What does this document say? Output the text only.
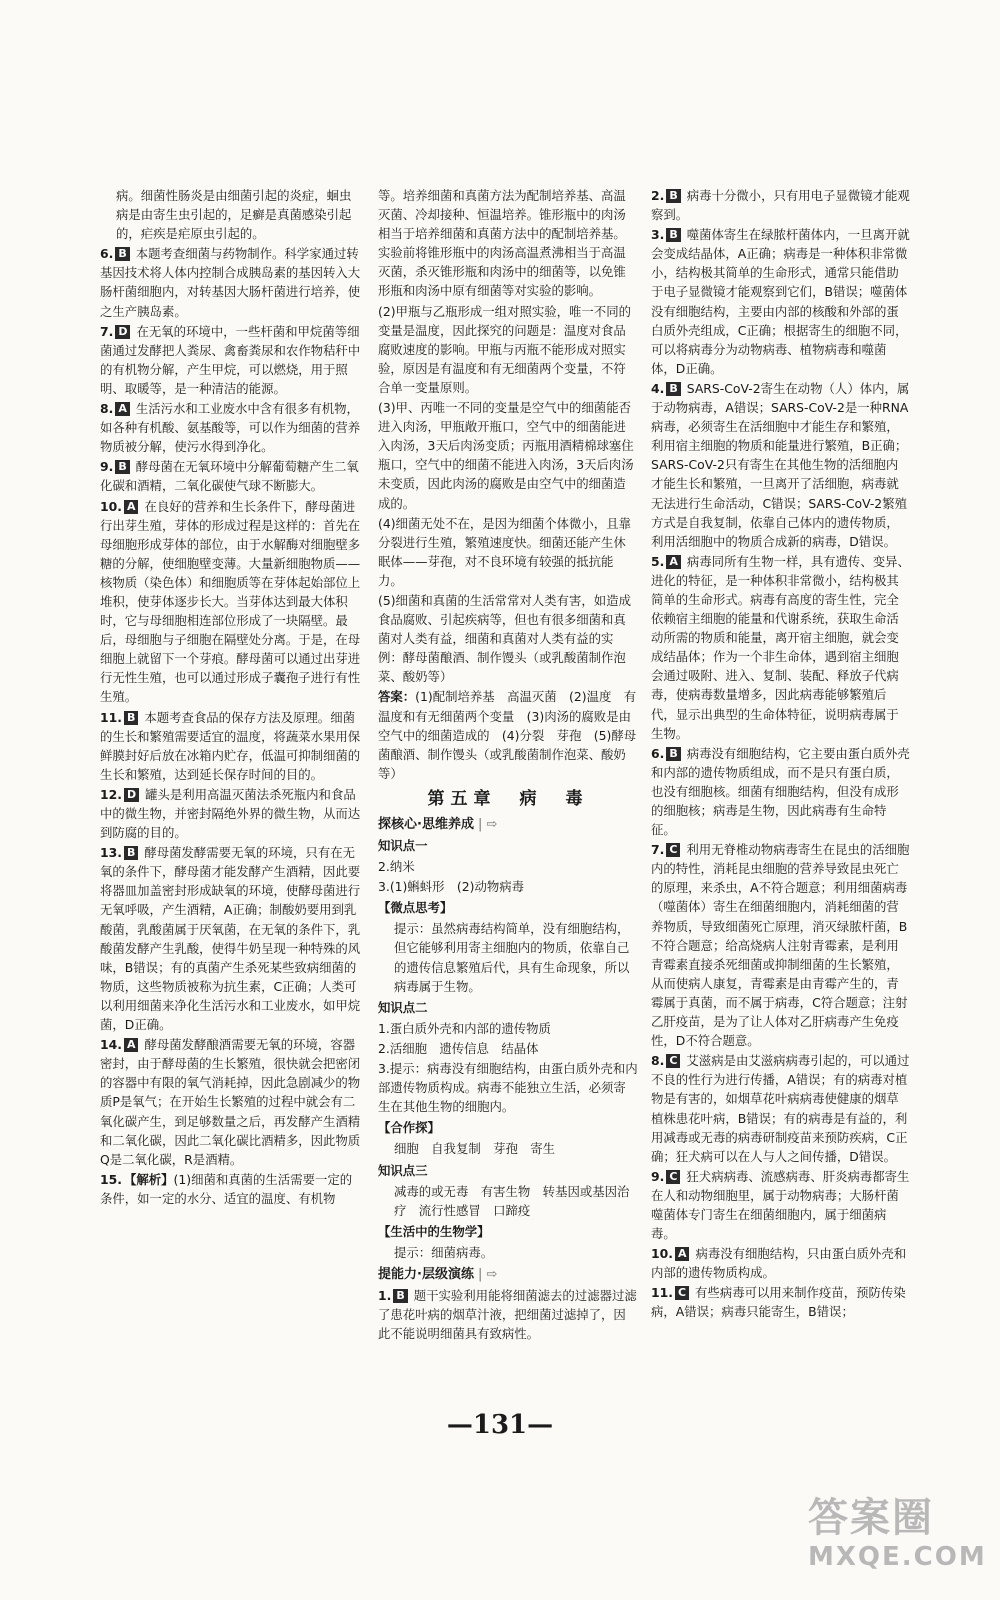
病。细菌性肠炎是由细菌引起的炎症，蛔虫病是由寄生虫引起的，足癣是真菌感染引起的，疟疾是疟原虫引起的。
6. B 本题考查细菌与药物制作。科学家通过转基因技术将人体内控制合成胰岛素的基因转入大肠杆菌细胞内，对转基因大肠杆菌进行培养，使之生产胰岛素。
7. D 在无氧的环境中，一些杆菌和甲烷菌等细菌通过发酵把人粪尿、禽畜粪尿和农作物秸秆中的有机物分解，产生甲烷，可以燃烧，用于照明、取暖等，是一种清洁的能源。
8. A 生活污水和工业废水中含有很多有机物，如各种有机酸、氨基酸等，可以作为细菌的营养物质被分解，使污水得到净化。
9. B 酵母菌在无氧环境中分解葡萄糖产生二氧化碳和酒精，二氧化碳使气球不断膨大。
10. A 在良好的营养和生长条件下，酵母菌进行出芽生殖，芽体的形成过程是这样的：首先在母细胞形成芽体的部位，由于水解酶对细胞壁多糖的分解，使细胞壁变薄。大量新细胞物质——核物质（染色体）和细胞质等在芽体起始部位上堆积，使芽体逐步长大。当芽体达到最大体积时，它与母细胞相连部位形成了一块隔壁。最后，母细胞与子细胞在隔壁处分离。于是，在母细胞上就留下一个芽痕。酵母菌可以通过出芽进行无性生殖，也可以通过形成子囊孢子进行有性生殖。
11. B 本题考查食品的保存方法及原理。细菌的生长和繁殖需要适宜的温度，将蔬菜水果用保鲜膜封好后放在冰箱内贮存，低温可抑制细菌的生长和繁殖，达到延长保存时间的目的。
12. D 罐头是利用高温灭菌法杀死瓶内和食品中的微生物，并密封隔绝外界的微生物，从而达到防腐的目的。
13. B 酵母菌发酵需要无氧的环境，只有在无氧的条件下，酵母菌才能发酵产生酒精，因此要将器皿加盖密封形成缺氧的环境，使酵母菌进行无氧呼吸，产生酒精，A正确；制酸奶要用到乳酸菌，乳酸菌属于厌氧菌，在无氧的条件下，乳酸菌发酵产生乳酸，使得牛奶呈现一种特殊的风味，B错误；有的真菌产生杀死某些致病细菌的物质，这些物质被称为抗生素，C正确；人类可以利用细菌来净化生活污水和工业废水，如甲烷菌，D正确。
14. A 酵母菌发酵酿酒需要无氧的环境，容器密封，由于酵母菌的生长繁殖，很快就会把密闭的容器中有限的氧气消耗掉，因此急剧减少的物质P是氧气；在开始生长繁殖的过程中就会有二氧化碳产生，到足够数量之后，再发酵产生酒精和二氧化碳，因此二氧化碳比酒精多，因此物质Q是二氧化碳，R是酒精。
15. 【解析】(1)细菌和真菌的生活需要一定的条件，如一定的水分、适宜的温度、有机物
等。培养细菌和真菌方法为配制培养基、高温灭菌、冷却接种、恒温培养。锥形瓶中的肉汤相当于培养细菌和真菌方法中的配制培养基。实验前将锥形瓶中的肉汤高温煮沸相当于高温灭菌，杀灭锥形瓶和肉汤中的细菌等，以免锥形瓶和肉汤中原有细菌等对实验的影响。
(2)甲瓶与乙瓶形成一组对照实验，唯一不同的变量是温度，因此探究的问题是：温度对食品腐败速度的影响。甲瓶与丙瓶不能形成对照实验，原因是有温度和有无细菌两个变量，不符合单一变量原则。
(3)甲、丙唯一不同的变量是空气中的细菌能否进入肉汤，甲瓶敞开瓶口，空气中的细菌能进入肉汤，3天后肉汤变质；丙瓶用酒精棉球塞住瓶口，空气中的细菌不能进入肉汤，3天后肉汤未变质，因此肉汤的腐败是由空气中的细菌造成的。
(4)细菌无处不在，是因为细菌个体微小，且靠分裂进行生殖，繁殖速度快。细菌还能产生休眠体——芽孢，对不良环境有较强的抵抗能力。
(5)细菌和真菌的生活常常对人类有害，如造成食品腐败、引起疾病等，但也有很多细菌和真菌对人类有益，细菌和真菌对人类有益的实例：酵母菌酿酒、制作馒头（或乳酸菌制作泡菜、酸奶等）
答案：(1)配制培养基　高温灭菌　(2)温度　有温度和有无细菌两个变量　(3)肉汤的腐败是由空气中的细菌造成的　(4)分裂　芽孢　(5)酵母菌酿酒、制作馒头（或乳酸菌制作泡菜、酸奶等）
第五章　病　毒
探核心·思维养成 | ⇨
知识点一
2.纳米
3.(1)蝌蚪形　(2)动物病毒
【微点思考】
提示：虽然病毒结构简单，没有细胞结构，但它能够利用寄主细胞内的物质，依靠自己的遗传信息繁殖后代，具有生命现象，所以病毒属于生物。
知识点二
1.蛋白质外壳和内部的遗传物质
2.活细胞　遗传信息　结晶体
3.提示：病毒没有细胞结构，由蛋白质外壳和内部遗传物质构成。病毒不能独立生活，必须寄生在其他生物的细胞内。
【合作探】
细胞　自我复制　芽孢　寄生
知识点三
减毒的或无毒　有害生物　转基因或基因治疗　流行性感冒　口蹄疫
【生活中的生物学】
提示：细菌病毒。
提能力·层级演练 | ⇨
1. B 题干实验利用能将细菌滤去的过滤器过滤了患花叶病的烟草汁液，把细菌过滤掉了，因此不能说明细菌具有致病性。
2. B 病毒十分微小，只有用电子显微镜才能观察到。
3. B 噬菌体寄生在绿脓杆菌体内，一旦离开就会变成结晶体，A正确；病毒是一种体积非常微小，结构极其简单的生命形式，通常只能借助于电子显微镜才能观察到它们，B错误；噬菌体没有细胞结构，主要由内部的核酸和外部的蛋白质外壳组成，C正确；根据寄生的细胞不同，可以将病毒分为动物病毒、植物病毒和噬菌体，D正确。
4. B SARS-CoV-2寄生在动物（人）体内，属于动物病毒，A错误；SARS-CoV-2是一种RNA病毒，必须寄生在活细胞中才能生存和繁殖，利用宿主细胞的物质和能量进行繁殖，B正确；SARS-CoV-2只有寄生在其他生物的活细胞内才能生长和繁殖，一旦离开了活细胞，病毒就无法进行生命活动，C错误；SARS-CoV-2繁殖方式是自我复制，依靠自己体内的遗传物质，利用活细胞中的物质合成新的病毒，D错误。
5. A 病毒同所有生物一样，具有遗传、变异、进化的特征，是一种体积非常微小，结构极其简单的生命形式。病毒有高度的寄生性，完全依赖宿主细胞的能量和代谢系统，获取生命活动所需的物质和能量，离开宿主细胞，就会变成结晶体；作为一个非生命体，遇到宿主细胞会通过吸附、进入、复制、装配、释放子代病毒，使病毒数量增多，因此病毒能够繁殖后代，显示出典型的生命体特征，说明病毒属于生物。
6. B 病毒没有细胞结构，它主要由蛋白质外壳和内部的遗传物质组成，而不是只有蛋白质，也没有细胞核。细菌有细胞结构，但没有成形的细胞核；病毒是生物，因此病毒有生命特征。
7. C 利用无脊椎动物病毒寄生在昆虫的活细胞内的特性，消耗昆虫细胞的营养导致昆虫死亡的原理，来杀虫，A不符合题意；利用细菌病毒（噬菌体）寄生在细菌细胞内，消耗细菌的营养物质，导致细菌死亡原理，消灭绿脓杆菌，B不符合题意；给高烧病人注射青霉素，是利用青霉素直接杀死细菌或抑制细菌的生长繁殖，从而使病人康复，青霉素是由青霉产生的，青霉属于真菌，而不属于病毒，C符合题意；注射乙肝疫苗，是为了让人体对乙肝病毒产生免疫性，D不符合题意。
8. C 艾滋病是由艾滋病病毒引起的，可以通过不良的性行为进行传播，A错误；有的病毒对植物是有害的，如烟草花叶病病毒使健康的烟草植株患花叶病，B错误；有的病毒是有益的，利用减毒或无毒的病毒研制疫苗来预防疾病，C正确；狂犬病可以在人与人之间传播，D错误。
9. C 狂犬病病毒、流感病毒、肝炎病毒都寄生在人和动物细胞里，属于动物病毒；大肠杆菌噬菌体专门寄生在细菌细胞内，属于细菌病毒。
10. A 病毒没有细胞结构，只由蛋白质外壳和内部的遗传物质构成。
11. C 有些病毒可以用来制作疫苗，预防传染病，A错误；病毒只能寄生，B错误；
—131—
答案圈
MXQE.COM
